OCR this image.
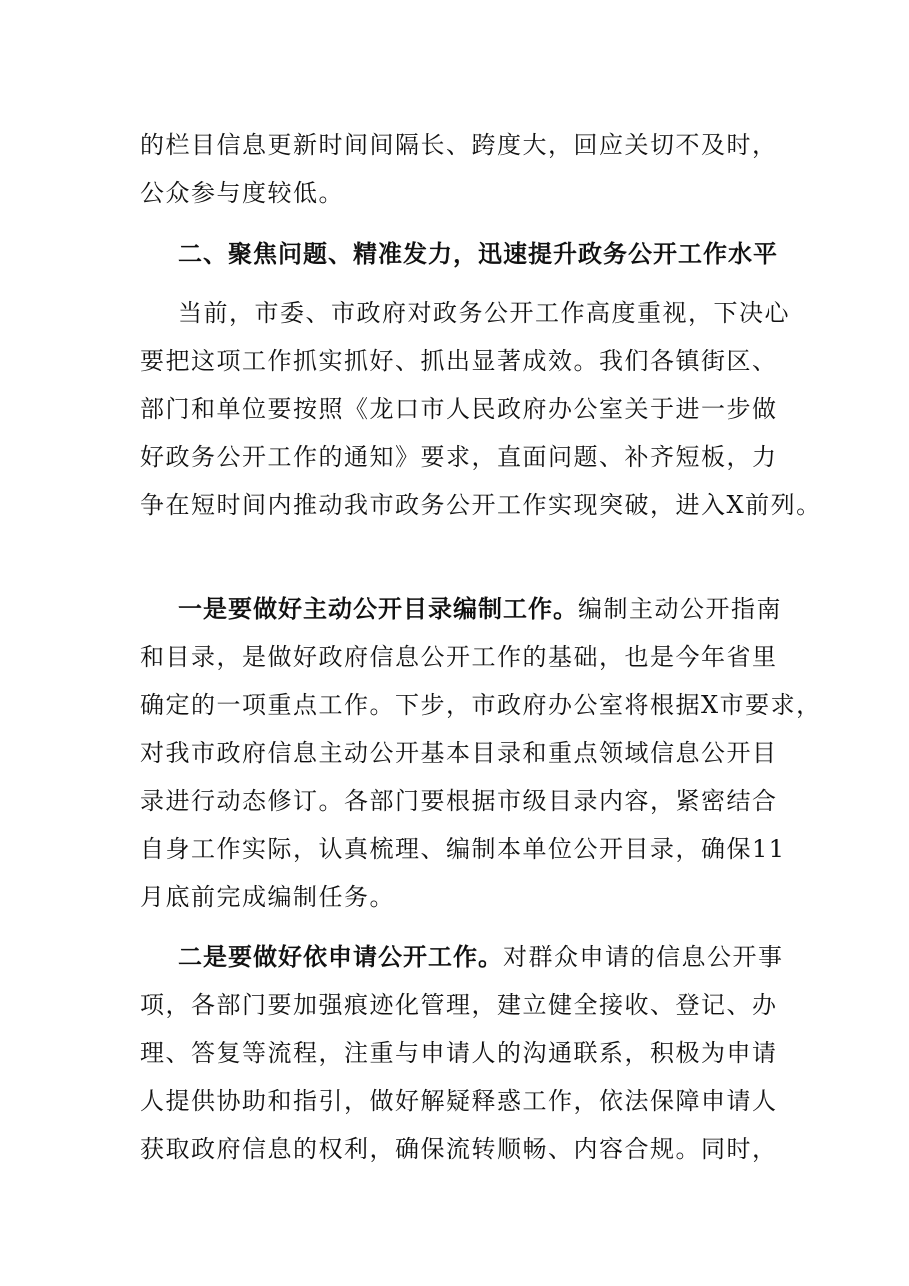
的栏目信息更新时间间隔长、跨度大，回应关切不及时，
公众参与度较低。
二、聚焦问题、精准发力，迅速提升政务公开工作水平
当前，市委、市政府对政务公开工作高度重视，下决心
要把这项工作抓实抓好、抓出显著成效。我们各镇街区、
部门和单位要按照《龙口市人民政府办公室关于进一步做
好政务公开工作的通知》要求，直面问题、补齐短板，力
争在短时间内推动我市政务公开工作实现突破，进入X前列。
一是要做好主动公开目录编制工作。编制主动公开指南
和目录，是做好政府信息公开工作的基础，也是今年省里
确定的一项重点工作。下步，市政府办公室将根据X市要求，
对我市政府信息主动公开基本目录和重点领域信息公开目
录进行动态修订。各部门要根据市级目录内容，紧密结合
自身工作实际，认真梳理、编制本单位公开目录，确保11
月底前完成编制任务。
二是要做好依申请公开工作。对群众申请的信息公开事
项，各部门要加强痕迹化管理，建立健全接收、登记、办
理、答复等流程，注重与申请人的沟通联系，积极为申请
人提供协助和指引，做好解疑释惑工作，依法保障申请人
获取政府信息的权利，确保流转顺畅、内容合规。同时，
